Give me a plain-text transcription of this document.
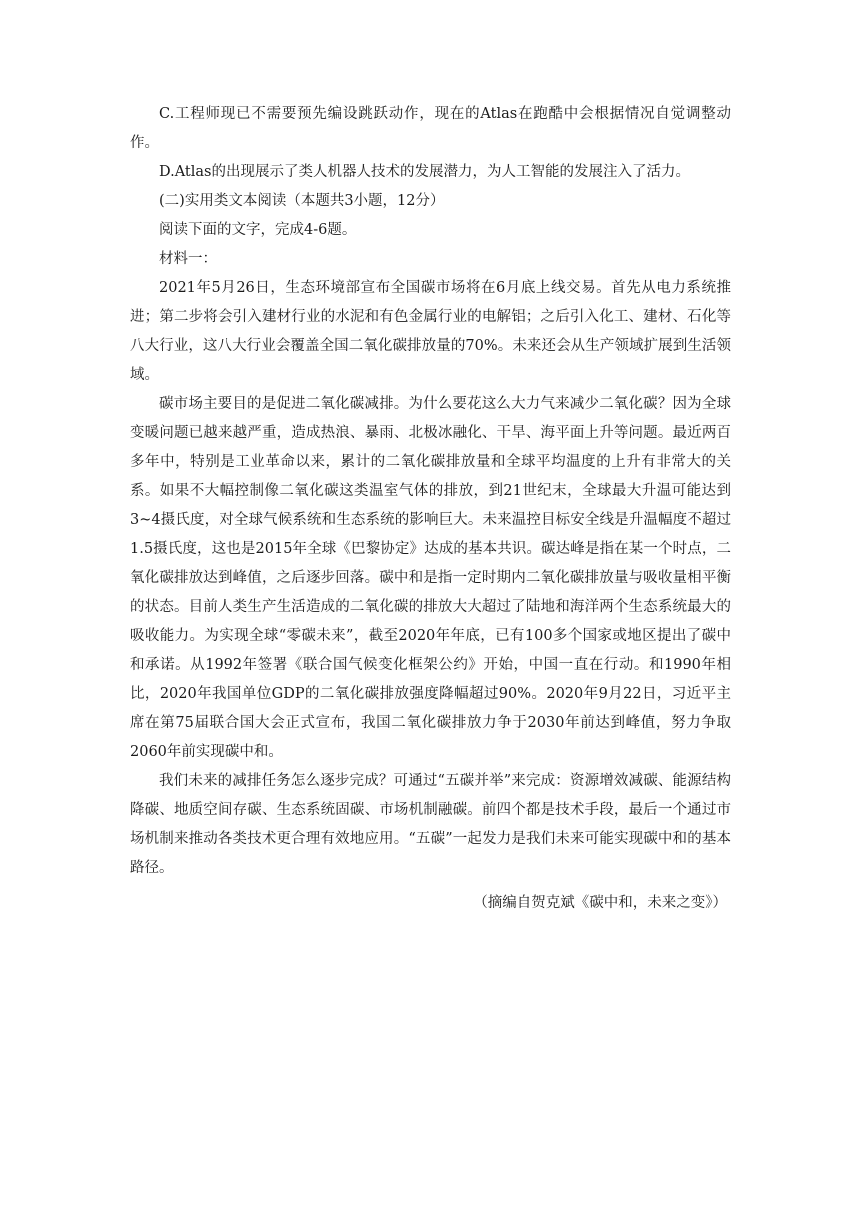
C.工程师现已不需要预先编设跳跃动作，现在的Atlas在跑酷中会根据情况自觉调整动作。

D.Atlas的出现展示了类人机器人技术的发展潜力，为人工智能的发展注入了活力。

(二)实用类文本阅读（本题共3小题，12分）

阅读下面的文字，完成4-6题。

材料一：

2021年5月26日，生态环境部宣布全国碳市场将在6月底上线交易。首先从电力系统推进；第二步将会引入建材行业的水泥和有色金属行业的电解铝；之后引入化工、建材、石化等八大行业，这八大行业会覆盖全国二氧化碳排放量的70%。未来还会从生产领域扩展到生活领域。

碳市场主要目的是促进二氧化碳减排。为什么要花这么大力气来减少二氧化碳？因为全球变暖问题已越来越严重，造成热浪、暴雨、北极冰融化、干旱、海平面上升等问题。最近两百多年中，特别是工业革命以来，累计的二氧化碳排放量和全球平均温度的上升有非常大的关系。如果不大幅控制像二氧化碳这类温室气体的排放，到21世纪末，全球最大升温可能达到3~4摄氏度，对全球气候系统和生态系统的影响巨大。未来温控目标安全线是升温幅度不超过1.5摄氏度，这也是2015年全球《巴黎协定》达成的基本共识。碳达峰是指在某一个时点，二氧化碳排放达到峰值，之后逐步回落。碳中和是指一定时期内二氧化碳排放量与吸收量相平衡的状态。目前人类生产生活造成的二氧化碳的排放大大超过了陆地和海洋两个生态系统最大的吸收能力。为实现全球“零碳未来”，截至2020年年底，已有100多个国家或地区提出了碳中和承诺。从1992年签署《联合国气候变化框架公约》开始，中国一直在行动。和1990年相比，2020年我国单位GDP的二氧化碳排放强度降幅超过90%。2020年9月22日，习近平主席在第75届联合国大会正式宣布，我国二氧化碳排放力争于2030年前达到峰值，努力争取2060年前实现碳中和。

我们未来的减排任务怎么逐步完成？可通过“五碳并举”来完成：资源增效减碳、能源结构降碳、地质空间存碳、生态系统固碳、市场机制融碳。前四个都是技术手段，最后一个通过市场机制来推动各类技术更合理有效地应用。“五碳”一起发力是我们未来可能实现碳中和的基本路径。

（摘编自贺克斌《碳中和，未来之变》）
